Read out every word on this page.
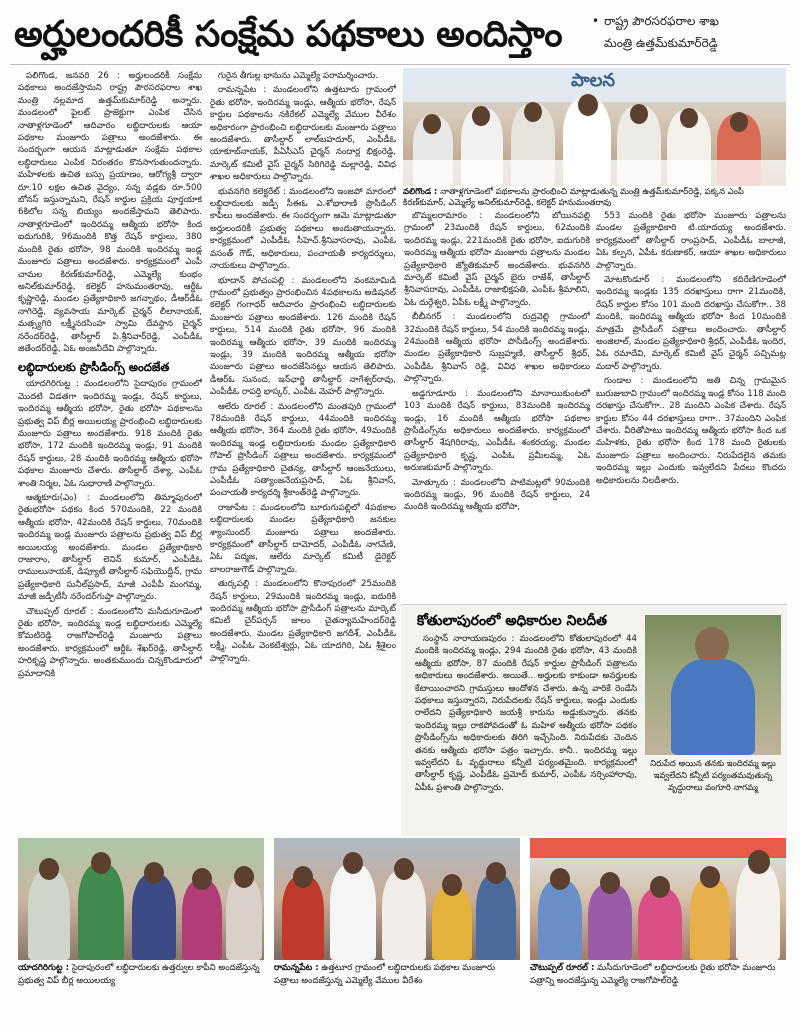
అర్హులందరికీ సంక్షేమ పథకాలు అందిస్తాం
•	రాష్ట్ర పౌరసరఫరాల శాఖ
మంత్రి ఉత్తమ్‌కుమార్‌రెడ్డి

పలిగొండ, జనవరి 26 : అర్హులందరికీ సంక్షేమ పథకాలు అందజేస్తామని రాష్ట్ర పౌరసరఫరాల శాఖ మంత్రి నల్లమాద ఉత్తమ్‌కుమార్‌రెడ్డి అన్నారు. మండలంలో పైలట్ ప్రాజెక్టుగా ఎంపిక చేసిన నాతాళ్లగూడెంలో ఆదివారం లబ్ధిదారులకు ఆయా పథకాల మంజూరు పత్రాలు అందజేశారు. ఈ సందర్భంగా ఆయన మాట్లాడుతూ సంక్షేమ పథకాల లబ్ధిదారులు ఎంపిక నిరంతరం కొనసాగుతుందన్నారు. మహిళలకు ఉచిత బస్సు ప్రయాణం, ఆరోగ్యశ్రీ ద్వారా రూ.10 లక్షల ఉచిత వైద్యం, సన్న వడ్లకు రూ.500 బోనస్ ఇస్తున్నామని, రేషన్ కార్డుల ప్రక్రియ పూర్తయాక 6కిలోల సన్న బియ్యం అందజేస్తామని తెలిపారు. నాతాళ్లగూడెంలో ఇందిరమ్మ ఆత్మీయ భరోసా కింద ఐదుగురికి, 96మందికి కొత్త రేషన్ కార్డులు, 380 మందికి రైతు భరోసా, 98 మందికి ఇందిరమ్మ ఇండ్ల మంజూరు పత్రాలు అందజేశారు. కార్యక్రమంలో ఎంపీ చామల కిరణ్‌కుమార్‌రెడ్డి, ఎమ్మెల్యే కుంభం అనిల్‌కుమార్‌రెడ్డి, కలెక్టర్ హనుమంతరావు, ఆర్డీఓ కృష్ణారెడ్డి, మండల ప్రత్యేకాధికారి జగన్నాథం, డీఆర్‌డీఓ నాగిరెడ్డి, వ్యవసాయ మార్కెట్ చైర్మన్ లీలానాయక్, మత్స్యగిరి లక్ష్మీనరసింహ స్వామి దేవస్థాన చైర్మన్ నరేందర్‌రెడ్డి, తాసీల్దార్ పి.శ్రీనివార్‌రెడ్డి, ఎంపీడీఓ జితేందర్‌రెడ్డి, ఏఓ అంజనీదేవి పాల్గొన్నారు.

లబ్ధిదారులకు ప్రొసీడింగ్స్ అందజేత

యాదగిరిగుట్ట : మండలంలోని సైదాపురం గ్రామంలో మొదటి విడతగా ఇందిరమ్మ ఇండ్లు, రేషన్ కార్డులు, ఇందిరమ్మ ఆత్మీయ భరోసా, రైతు భరోసా పథకాలను ప్రభుత్వ విప్ బీర్ల అయిలయ్య ప్రారంభించి లబ్ధిదారులకు మంజూరు పత్రాలు అందజేశారు. 918 మందికి రైతు భరోసా, 172 మందికి ఇందిరమ్మ ఇండ్లు, 91 మందికి రేషన్ కార్డులు, 28 మందికి ఇందిరమ్మ ఆత్మీయ భరోసా పథకాల మంజూరు చేశారు. తాసీల్దార్ దేశ్యా, ఎంపీఓ శాంతి నిర్మల, ఏఓ సుధారాణి పాల్గొన్నారు.

ఆత్మకూరు(ఎం) : మండలంలోని తిమ్మాపురంలో రైతుభరోసా పథకం కింద 570మందికి, 22 మందికి ఆత్మీయ భరోసా, 42మందికి రేషన్ కార్డులు, 70మందికి ఇందిరమ్మ ఇండ్ల మంజూరు పత్రాలను ప్రభుత్వ విప్ బీర్ల అయిలయ్య అందజేశారు. మండల ప్రత్యేకాధికారి రాజారాం, తాసీల్దార్ లెనిన్ కుమార్, ఎంపీడీఓ రాములునాయక్, డిప్యూటీ తాసీల్దార్ సఫియొద్దీన్, గ్రామ ప్రత్యేకాధికారి సునీల్‌ప్రసాద్, మాజీ ఎంపీపీ మంగమ్మ, మాజీ జడ్పీటీసీ నరేందర్‌గుప్తా పాల్గొన్నారు.

చౌటుప్పల్ రూరల్ : మండలంలోని మసీదుగూడెంలో రైతు భరోసా, ఇందిరమ్మ ఇండ్ల లబ్ధిదారులకు ఎమ్మెల్యే కోమటిరెడ్డి రాజగోపాల్‌రెడ్డి మంజూరు పత్రాలు అందజేశారు. కార్యక్రమంలో ఆర్డీఓ శేఖర్‌రెడ్డి, తాసీల్దార్ హరికృష్ణ పాల్గొన్నారు. అంతకుముందు చిన్నకొండూరులో ప్రమాదానికి

గురైన తీగుల్ల భానును ఎమ్మెల్యే పరామర్శించారు.

రామన్నపేట : మండలంలోని ఉత్తటూరు గ్రామంలో రైతు భరోసా, ఇందిరమ్మ ఇండ్లు, ఆత్మీయ భరోసా, రేషన్ కార్డుల పథకాలను నకిరేకల్ ఎమ్మెల్యే వేముల వీరేశం అధికారంగా ప్రారంభించి లబ్ధిదారులకు మంజూరు పత్రాలు అందజేశారు. తాసీల్దార్ లాల్‌బహదూర్, ఎంపీడీఓ యాకూబ్‌నాయక్, పీఏసీఎస్ చైర్మన్ నందార్ల భిక్షంరెడ్డి, మార్కెట్ కమిటీ వైస్ చైర్మన్ సిరిగిరెడ్డి మల్లారెడ్డి, వివిధ శాఖల అధికారులు పాల్గొన్నారు.

భువనగిరి కలెక్టరేట్ : మండలంలోని ఇంజపో మారంలో లబ్ధిదారులకు జడ్పీ సీఈఓ ఎ.శోభారాణి ప్రొసీడింగ్ కాపీలు అందజేశారు. ఈ సందర్భంగా ఆమె మాట్లాడుతూ అర్హులందరికీ ప్రభుత్వ పథకాలు అందుతాయన్నారు. కార్యక్రమంలో ఎంపీడీఓ సీహెచ్.శ్రీనివాసరావు, ఎంపీఓ వసంత్ గౌడ్, అధికారులు, పంచాయతీ కార్యదర్శులు, నాయకులు పాల్గొన్నారు.

భూదాన్ పోచంపల్లి : మండలంలోని వంకమామిడి గ్రామంలో ప్రభుత్వం ప్రారంభించిన 4పథకాలను అడిషనల్ కలెక్టర్ గంగాధర్ ఆదివారం ప్రారంభించి లబ్ధిదారులకు మంజూరు పత్రాలు అందజేశారు. 126 మందికి రేషన్ కార్డులు, 514 మందికి రైతు భరోసా, 96 మందికి ఇందిరమ్మ ఆత్మీయ భరోసా, 39 మందికి ఇందిరమ్మ ఇండ్లు, 39 మందికి ఇందిరమ్మ ఆత్మీయ భరోసా మంజూరు పత్రాలు అందజేసినట్లు ఆయన తెలిపారు. డీఆర్ఓ సునంద, ఇన్‌ఛార్జి తాసీల్దార్ నాగేశ్వర్‌రావు, ఎంపీడీఓ రాపర్తి భాస్కర్, ఎంపీఓ మెహర్ పాల్గొన్నారు.

ఆలేరు రూరల్ : మండలంలోని మంతపురి గ్రామంలో 78మందికి రేషన్ కార్డులు, 44మందికి ఇందిరమ్మ ఆత్మీయ భరోసా, 364 మందికి రైతు భరోసా, 49మందికి ఇందిరమ్మ ఇండ్ల లబ్ధిదారులకు మండల ప్రత్యేకాధికారి గోపాల్ ప్రొసీడింగ్ పత్రాలు అందజేశారు. కార్యక్రమంలో గ్రామ ప్రత్యేకాధికారి చైతన్య, తాసీల్దార్ ఆంజనేయులు, ఎంపీడీఓ సత్యాంజనేయప్రసాద్, ఏఓ శ్రీనివాస్, పంచాయతీ కార్యదర్శి శ్రీకాంత్‌రెడ్డి పాల్గొన్నారు.

రాజాపేట : మండలంలోని బూరుగుపల్లిలో 4పథకాల లబ్ధిదారులకు మండల ప్రత్యేకాధికారి జనకుల శ్యాంసుందర్ మంజూరు పత్రాలు అందజేశారు. కార్యక్రమంలో తాసీల్దార్ దామోదర్, ఎంపీడీఓ నాగవేణి, ఏఓ పద్మజ, ఆలేరు మార్కెట్ కమిటీ డైరెక్టర్ బాలరాజుగౌడ్ పాల్గొన్నారు.

తుర్కపల్లి : మండలంలోని కొనాపురంలో 25మందికి రేషన్ కార్డులు, 29మందికి ఇందిరమ్మ ఇండ్లు, ఐదురికి ఇందిరమ్మ ఆత్మీయ భరోసా ప్రొసీడింగ్ పత్రాలను మార్కెట్ కమిటీ చైర్‌పర్సన్ జాలం చైతన్యామహేందర్‌రెడ్డి అందజేశారు. మండల ప్రత్యేకాధికారి జగదీశ్, ఎంపీడీఓ లక్ష్మీ, ఎంపీఓ వెంకటేశ్వర్లు, ఏఓ యాదగిరి, ఏఓ శ్రీశైలం పాల్గొన్నారు.

పాలన
వలిగొండ : నాతాళ్లగూడెంలో పథకాలను ప్రారంభించి మాట్లాడుతున్న మంత్రి ఉత్తమ్‌కుమార్‌రెడ్డి, పక్కన ఎంపీ కిరణ్‌కుమార్, ఎమ్మెల్యే అనిల్‌కుమార్‌రెడ్డి, కలెక్టర్ హనుమంతరావు

బొమ్మలరామారం : మండలంలోని బోయినపల్లి గ్రామంలో 23మందికి రేషన్ కార్డులు, 62మందికి ఇందిరమ్మ ఇండ్లు, 221మందికి రైతు భరోసా, ఐదుగురికి ఇందిరమ్మ ఆత్మీయ భరోసా మంజూరు పత్రాలను మండల ప్రత్యేకాధికారి జ్యోతికుమార్ అందజేశారు. భువనగిరి మార్కెట్ కమిటీ వైస్ చైర్మన్ బైరు రాజేశ్, తాసీల్దార్ శ్రీనివాసరావు, ఎంపీడీఓ రాజాభిక్షపతి, ఎంపీఓ శ్రీమాలిని, ఏఓ దుర్గేశ్వరి, ఏపీఓ లక్ష్మీ పాల్గొన్నారు.

బీబీనగర్ : మండలంలోని రుద్రవెల్లి గ్రామంలో 32మందికి రేషన్ కార్డులు, 54 మందికి ఇందిరమ్మ ఇండ్లు, 24మందికి ఆత్మీయ భరోసా పొసీడింగ్స్ అందజేశారు. మండల ప్రత్యేకాధికారి సుబ్రహ్మణి, తాసీల్దార్ శ్రీధర్, ఎంపీడీఓ శ్రీనివాస్ రెడ్డి, వివిధ శాఖల అధికారులు పాల్గొన్నారు.

అడ్డగూడూరు : మండలంలోని మానాయికుంటలో 103 మందికి రేషన్ కార్డులు, 83మందికి ఇందిరమ్మ ఇండ్లు, 16 మందికి ఆత్మీయ భరోసా పథకాల ప్రొసీడింగ్స్‌ను అధికారులు అందజేశారు. కార్యక్రమంలో తాసీల్దార్ శేషగిరిరావు, ఎంపీడీఓ శంకరయ్య, మండల ప్రత్యేకాధికారి కృష్ణ, ఎంపీఓ ప్రమీలమ్మ, ఏఓ అరుణకుమార్ పాల్గొన్నారు.

మోత్కూరు : మండలంలోని పాటిమట్లలో 90మందికి ఇందిరమ్మ ఇండ్లు, 96 మందికి రేషన్ కార్డులు, 24 మందికి ఇందిరమ్మ ఆత్మీయ భరోసా,

553 మందికి రైతు భరోసా మంజూరు పత్రాలను మండల ప్రత్యేకాధికారి టి.యాదయ్య అందజేశారు. కార్యక్రమంలో తాసీల్దార్ రాంప్రసాద్, ఎంపీడీఓ బాలాజీ, ఏఓ కల్పన, ఏపీఓ కరుణాకర్, ఆయా శాఖల అధికారులు పాల్గొన్నారు.

మోటకొండూర్ : మండలంలోని కదిరేణిగూడెంలో ఇందిరమ్మ ఇండ్లకు 135 దరఖాస్తులు రాగా 21మందికి, రేషన్ కార్డుల కోసం 101 మంది దరఖాస్తు చేసుకోగా.. 38 మందికి, ఇందిరమ్మ ఆత్మీయ భరోసా కింద 10మందికి మాత్రమే ప్రొసీడింగ్ పత్రాలు అందించారు. తాసీల్దార్ అంజిలాల్, మండల ప్రత్యేకాధికారి శ్రీధర్, ఎంపీడీఓ ఇందిర, ఏఓ రమాదేవి, మార్కెట్ కమిటీ వైస్ చైర్మన్ పచ్చిమట్ల మదార్ పాల్గొన్నారు.

గుండాల : మండలంలోని అతి చిన్న గ్రామమైన బురుజుబావి గ్రామంలో ఇందిరమ్మ ఇండ్ల కోసం 118 మంది దరఖాస్తు చేసుకోగా.. 28 మందిని ఎంపిక చేశారు. రేషన్ కార్డుల కోసం 44 దరఖాస్తులు రాగా.. 37మందిని ఎంపిక చేశారు. వీరితోపాటు ఇందిరమ్మ ఆత్మీయ భరోసా కింద ఒక మహిళకు, రైతు భరోసా కింద 178 మంది రైతులకు మంజూరు పత్రాలు అందించారు. నిరుపేదలైన తమకు ఇందిరమ్మ ఇల్లు ఎందుకు ఇవ్వలేదని పేదలు కొందరు అధికారులను నిలదీశారు.

కోతులాపురంలో అధికారుల నిలదీత

సంస్థాన్ నారాయణపురం : మండలంలోని కోతులాపురంలో 44 మందికి ఇందిరమ్మ ఇండ్లు, 294 మందికి రైతు భరోసా, 43 మందికి ఆత్మీయ భరోసా, 87 మందికి రేషన్ కార్డుల ప్రొసీడింగ్ పత్రాలను అధికారులు అందజేశారు. అయితే.. అర్హులకు కాకుండా అనర్హులకు కేటాయించారని గ్రామస్తులు ఆందోళన చేశారు. ఉన్న వారికే రెండేసి పథకాలు ఇస్తున్నారని, నిరుపేదలకు రేషన్ కార్డులు, ఇండ్లు ఎందుకు రాలేదని ప్రత్యేకాధికారి జయశ్రీ కారును అడ్డుకున్నారు. తనకు ఇందిరమ్మ ఇల్లు రాకపోవడంతో ఓ మహిళ ఆత్మీయ భరోసా పథకం ప్రొసీడింగ్స్‌ను అధికారులకు తిరిగి ఇచ్చేసింది. నిరుపేదకు చెందిన తనకు ఆత్మీయ భరోసా పత్రం ఇచ్చారు. కానీ.. ఇందిరమ్మ ఇల్లు ఇవ్వలేదని ఓ వృద్ధురాలు కన్నీటి పర్యంతమైంది. కార్యక్రమంలో తాసీల్దార్ కృష్ణ, ఎంపీడీఓ ప్రమోద్ కుమార్, ఎంపీఓ నర్సింహారావు, ఏపీఓ ప్రశాంతి పాల్గొన్నారు.

నిరుపేద అయిన తనకు ఇందిరమ్మ ఇల్లు ఇవ్వలేదని కన్నీటి పర్యంతమవుతున్న వృద్ధురాలు వంగూరి నాగమ్మ
యాదగిరిగుట్ట : సైదాపురంలో లబ్ధిదారులకు ఉత్తర్వుల కాపీని అందజేస్తున్న ప్రభుత్వ విప్ బీర్ల అయిలయ్య
రామన్నపేట : ఉత్తటూర గ్రామంలో లబ్ధిదారులకు పథకాల మంజూరు పత్రాలు అందజేస్తున్న ఎమ్మెల్యే వేముల వీరేశం
చౌటుప్పల్ రూరల్ : మసీదుగూడెంలో లబ్ధిదారులకు రైతు భరోసా మంజూరు పత్రాన్ని అందజేస్తున్న ఎమ్మెల్యే రాజగోపాల్‌రెడ్డి
